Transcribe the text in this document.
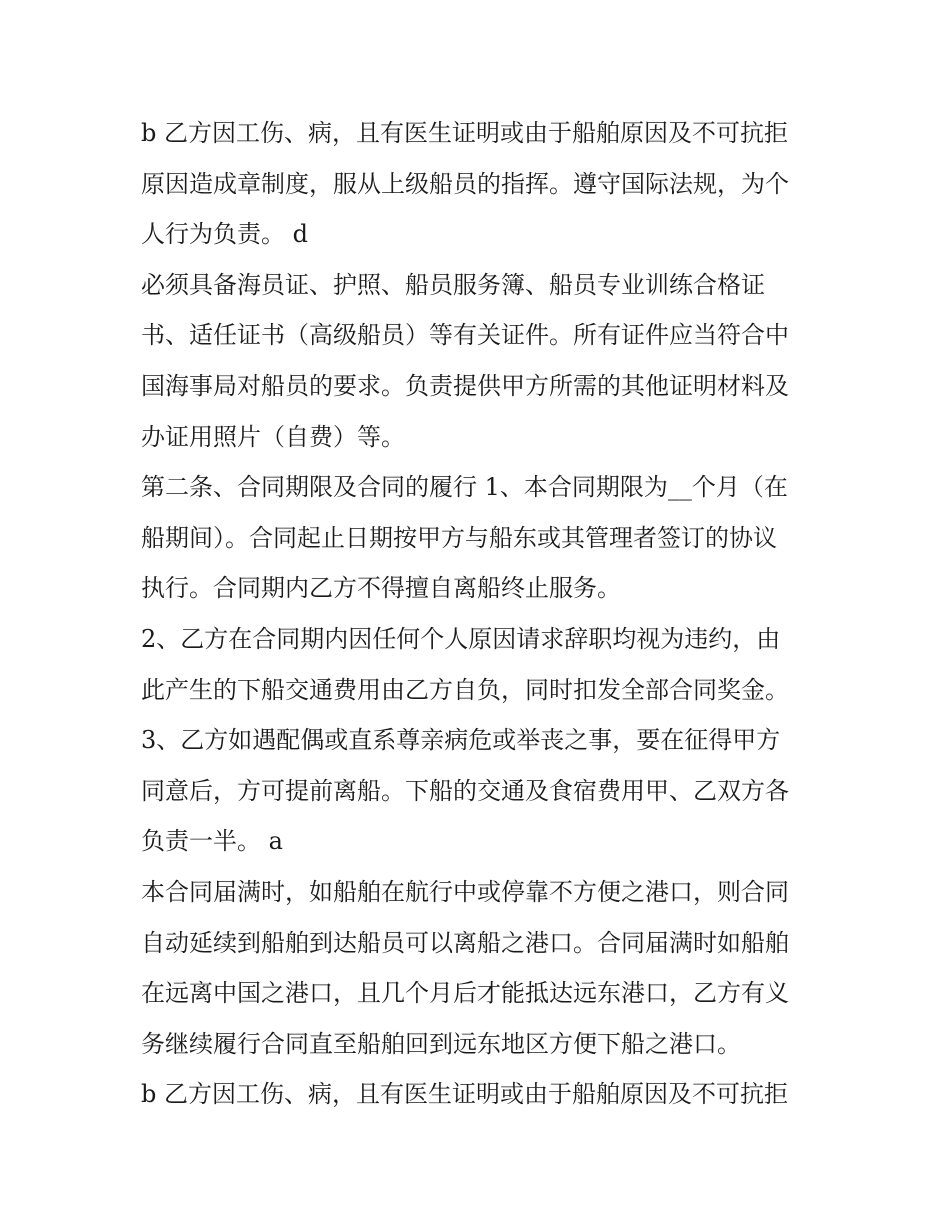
b 乙方因工伤、病，且有医生证明或由于船舶原因及不可抗拒
原因造成章制度，服从上级船员的指挥。遵守国际法规，为个
人行为负责。 d
必须具备海员证、护照、船员服务簿、船员专业训练合格证
书、适任证书（高级船员）等有关证件。所有证件应当符合中
国海事局对船员的要求。负责提供甲方所需的其他证明材料及
办证用照片（自费）等。
第二条、合同期限及合同的履行 1、本合同期限为__个月（在
船期间）。合同起止日期按甲方与船东或其管理者签订的协议
执行。合同期内乙方不得擅自离船终止服务。
2、乙方在合同期内因任何个人原因请求辞职均视为违约，由
此产生的下船交通费用由乙方自负，同时扣发全部合同奖金。
3、乙方如遇配偶或直系尊亲病危或举丧之事，要在征得甲方
同意后，方可提前离船。下船的交通及食宿费用甲、乙双方各
负责一半。 a
本合同届满时，如船舶在航行中或停靠不方便之港口，则合同
自动延续到船舶到达船员可以离船之港口。合同届满时如船舶
在远离中国之港口，且几个月后才能抵达远东港口，乙方有义
务继续履行合同直至船舶回到远东地区方便下船之港口。
b 乙方因工伤、病，且有医生证明或由于船舶原因及不可抗拒
